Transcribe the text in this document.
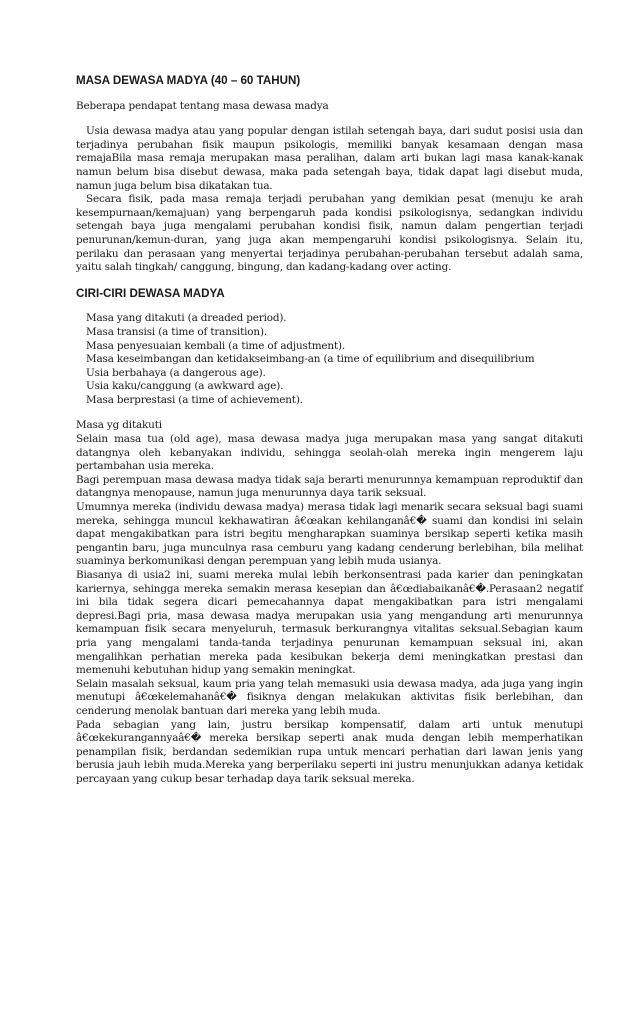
MASA DEWASA MADYA (40 – 60 TAHUN)

Beberapa pendapat tentang masa dewasa madya

Usia dewasa madya atau yang popular dengan istilah setengah baya, dari sudut posisi usia dan terjadinya perubahan fisik maupun psikologis, memiliki banyak kesamaan dengan masa remajaBila masa remaja merupakan masa peralihan, dalam arti bukan lagi masa kanak-kanak namun belum bisa disebut dewasa, maka pada setengah baya, tidak dapat lagi disebut muda, namun juga belum bisa dikatakan tua.

Secara fisik, pada masa remaja terjadi perubahan yang demikian pesat (menuju ke arah kesempurnaan/kemajuan) yang berpengaruh pada kondisi psikologisnya, sedangkan individu setengah baya juga mengalami perubahan kondisi fisik, namun dalam pengertian terjadi penurunan/kemun-duran, yang juga akan mempengaruhi kondisi psikologisnya. Selain itu, perilaku dan perasaan yang menyertai terjadinya perubahan-perubahan tersebut adalah sama, yaitu salah tingkah/ canggung, bingung, dan kadang-kadang over acting.

CIRI-CIRI DEWASA MADYA
Masa yang ditakuti (a dreaded period).
Masa transisi (a time of transition).
Masa penyesuaian kembali (a time of adjustment).
Masa keseimbangan dan ketidakseimbang-an (a time of equilibrium and disequilibrium
Usia berbahaya (a dangerous age).
Usia kaku/canggung (a awkward age).
Masa berprestasi (a time of achievement).

Masa yg ditakuti

Selain masa tua (old age), masa dewasa madya juga merupakan masa yang sangat ditakuti datangnya oleh kebanyakan individu, sehingga seolah-olah mereka ingin mengerem laju pertambahan usia mereka.

Bagi perempuan masa dewasa madya tidak saja berarti menurunnya kemampuan reproduktif dan datangnya menopause, namun juga menurunnya daya tarik seksual.

Umumnya mereka (individu dewasa madya) merasa tidak lagi menarik secara seksual bagi suami mereka, sehingga muncul kekhawatiran â€œakan kehilanganâ€� suami dan kondisi ini selain dapat mengakibatkan para istri begitu mengharapkan suaminya bersikap seperti ketika masih pengantin baru, juga munculnya rasa cemburu yang kadang cenderung berlebihan, bila melihat suaminya berkomunikasi dengan perempuan yang lebih muda usianya.

Biasanya di usia2 ini, suami mereka mulai lebih berkonsentrasi pada karier dan peningkatan kariernya, sehingga mereka semakin merasa kesepian dan â€œdiabaikanâ€�.Perasaan2 negatif ini bila tidak segera dicari pemecahannya dapat mengakibatkan para istri mengalami depresi.Bagi pria, masa dewasa madya merupakan usia yang mengandung arti menurunnya kemampuan fisik secara menyeluruh, termasuk berkurangnya vitalitas seksual.Sebagian kaum pria yang mengalami tanda-tanda terjadinya penurunan kemampuan seksual ini, akan mengalihkan perhatian mereka pada kesibukan bekerja demi meningkatkan prestasi dan memenuhi kebutuhan hidup yang semakin meningkat.

Selain masalah seksual, kaum pria yang telah memasuki usia dewasa madya, ada juga yang ingin menutupi â€œkelemahanâ€� fisiknya dengan melakukan aktivitas fisik berlebihan, dan cenderung menolak bantuan dari mereka yang lebih muda.

Pada sebagian yang lain, justru bersikap kompensatif, dalam arti untuk menutupi â€œkekurangannyaâ€� mereka bersikap seperti anak muda dengan lebih memperhatikan penampilan fisik, berdandan sedemikian rupa untuk mencari perhatian dari lawan jenis yang berusia jauh lebih muda.Mereka yang berperilaku seperti ini justru menunjukkan adanya ketidak percayaan yang cukup besar terhadap daya tarik seksual mereka.
